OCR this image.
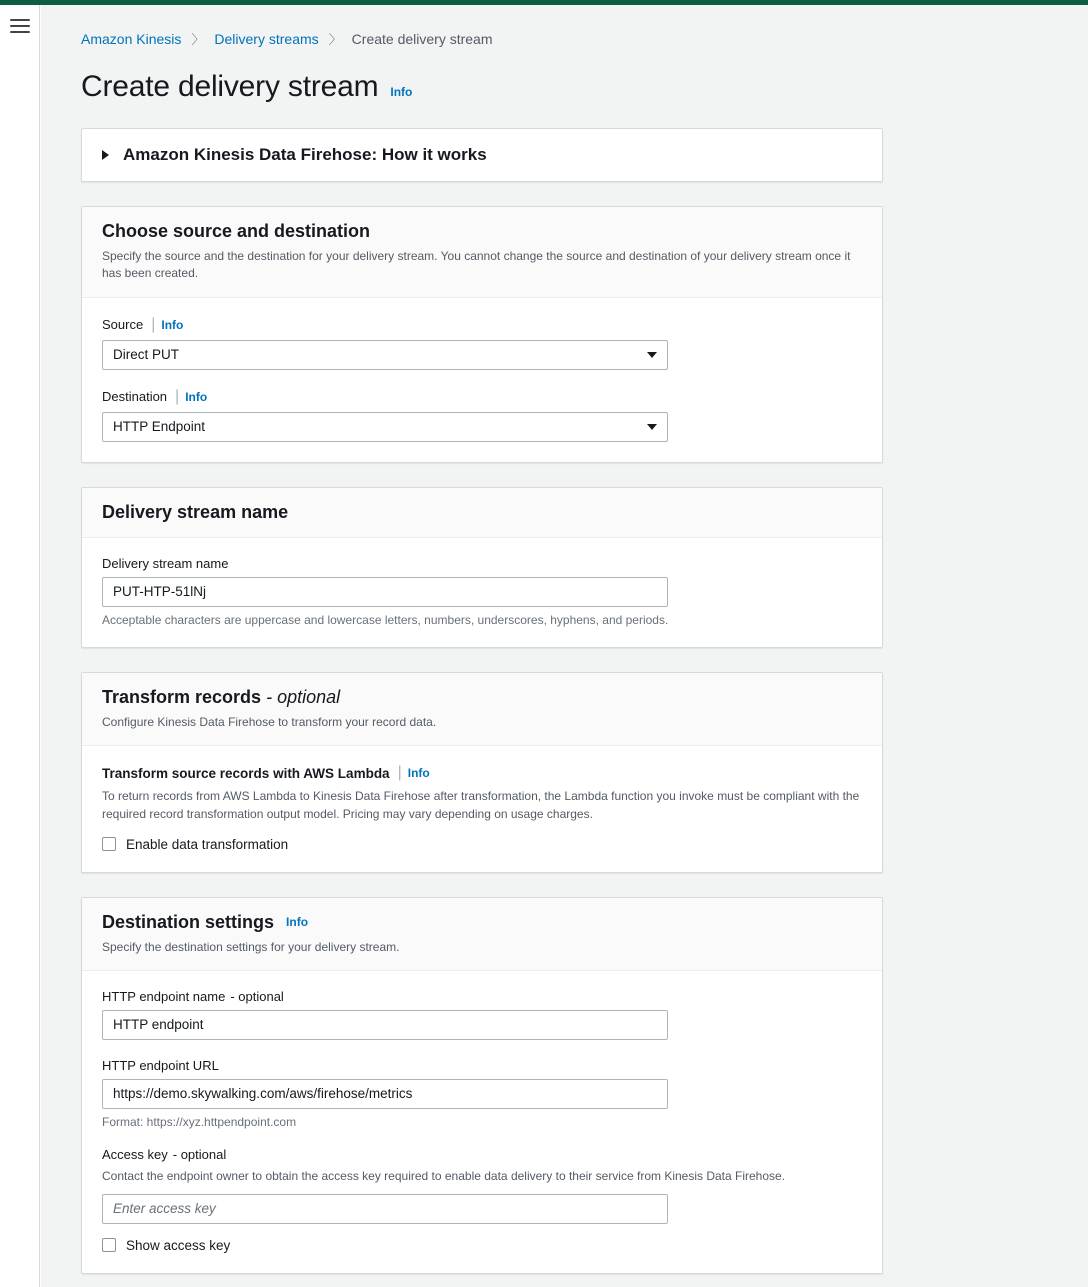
Amazon Kinesis 〉 Delivery streams 〉 Create delivery stream
Create delivery stream Info
Amazon Kinesis Data Firehose: How it works
Choose source and destination
Specify the source and the destination for your delivery stream. You cannot change the source and destination of your delivery stream once it has been created.
Source | Info
Direct PUT
Destination | Info
HTTP Endpoint
Delivery stream name
Delivery stream name
PUT-HTP-51lNj
Acceptable characters are uppercase and lowercase letters, numbers, underscores, hyphens, and periods.
Transform records - optional
Configure Kinesis Data Firehose to transform your record data.
Transform source records with AWS Lambda | Info
To return records from AWS Lambda to Kinesis Data Firehose after transformation, the Lambda function you invoke must be compliant with the required record transformation output model. Pricing may vary depending on usage charges.
Enable data transformation
Destination settings Info
Specify the destination settings for your delivery stream.
HTTP endpoint name - optional
HTTP endpoint
HTTP endpoint URL
https://demo.skywalking.com/aws/firehose/metrics
Format: https://xyz.httpendpoint.com
Access key - optional
Contact the endpoint owner to obtain the access key required to enable data delivery to their service from Kinesis Data Firehose.
Enter access key
Show access key
